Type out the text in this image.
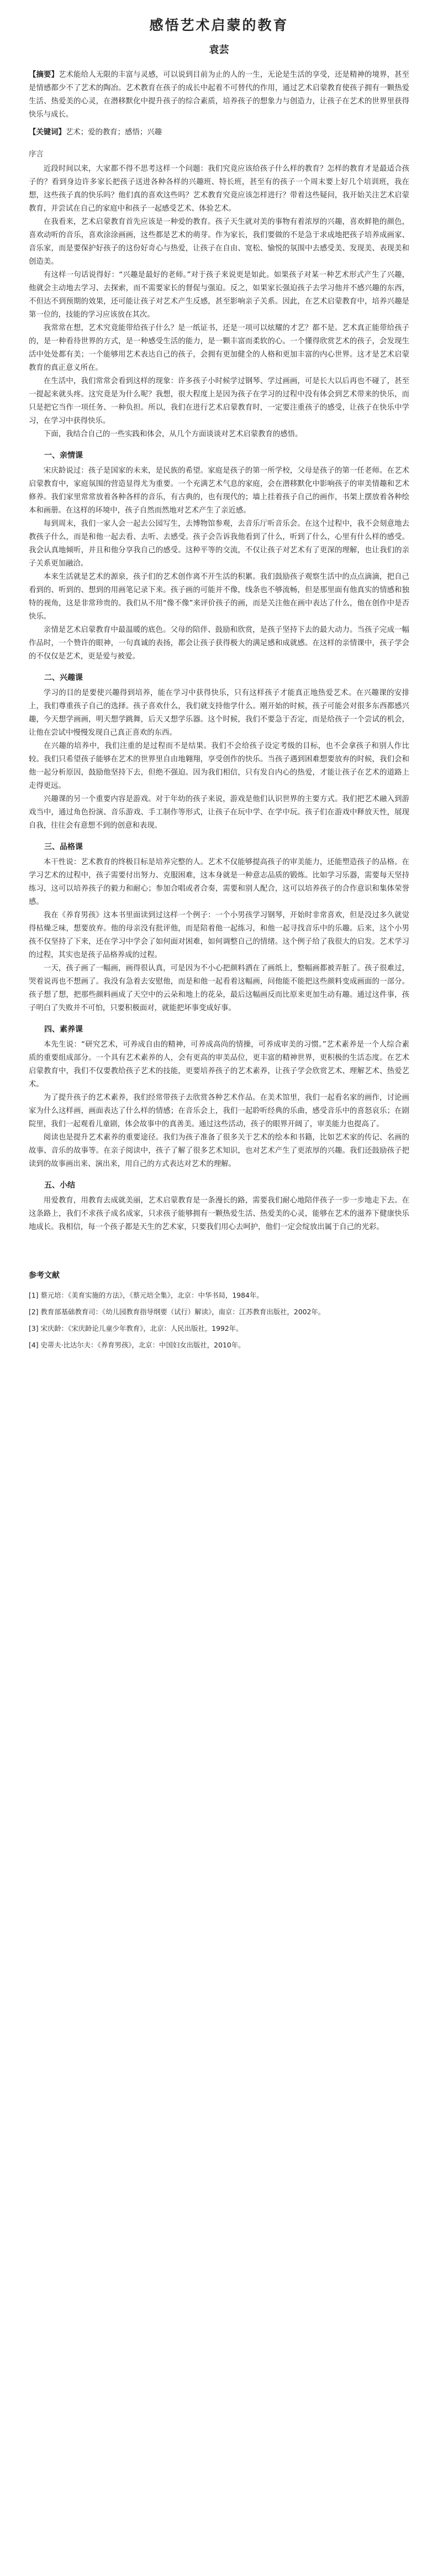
感悟艺术启蒙的教育
袁芸

【摘要】艺术能给人无限的丰富与灵感，可以说到目前为止的人的一生，无论是生活的享受，还是精神的境界，甚至是情感都少不了艺术的陶冶。艺术教育在孩子的成长中起着不可替代的作用，通过艺术启蒙教育使孩子拥有一颗热爱生活、热爱美的心灵，在潜移默化中提升孩子的综合素质，培养孩子的想象力与创造力，让孩子在艺术的世界里获得快乐与成长。

【关键词】艺术；爱的教育；感悟；兴趣

序言

近段时间以来，大家都不得不思考这样一个问题：我们究竟应该给孩子什么样的教育？怎样的教育才是最适合孩子的？看到身边许多家长把孩子送进各种各样的兴趣班、特长班，甚至有的孩子一个周末要上好几个培训班，我在想，这些孩子真的快乐吗？他们真的喜欢这些吗？艺术教育究竟应该怎样进行？带着这些疑问，我开始关注艺术启蒙教育，并尝试在自己的家庭中和孩子一起感受艺术、体验艺术。

在我看来，艺术启蒙教育首先应该是一种爱的教育。孩子天生就对美的事物有着浓厚的兴趣，喜欢鲜艳的颜色，喜欢动听的音乐，喜欢涂涂画画，这些都是艺术的萌芽。作为家长，我们要做的不是急于求成地把孩子培养成画家、音乐家，而是要保护好孩子的这份好奇心与热爱，让孩子在自由、宽松、愉悦的氛围中去感受美、发现美、表现美和创造美。

有这样一句话说得好：“兴趣是最好的老师。”对于孩子来说更是如此。如果孩子对某一种艺术形式产生了兴趣，他就会主动地去学习、去探索，而不需要家长的督促与强迫。反之，如果家长强迫孩子去学习他并不感兴趣的东西，不但达不到预期的效果，还可能让孩子对艺术产生反感，甚至影响亲子关系。因此，在艺术启蒙教育中，培养兴趣是第一位的，技能的学习应该放在其次。

我常常在想，艺术究竟能带给孩子什么？是一纸证书，还是一项可以炫耀的才艺？都不是。艺术真正能带给孩子的，是一种看待世界的方式，是一种感受生活的能力，是一颗丰富而柔软的心。一个懂得欣赏艺术的孩子，会发现生活中处处都有美；一个能够用艺术表达自己的孩子，会拥有更加健全的人格和更加丰富的内心世界。这才是艺术启蒙教育的真正意义所在。

在生活中，我们常常会看到这样的现象：许多孩子小时候学过钢琴、学过画画，可是长大以后再也不碰了，甚至一提起来就头疼。这究竟是为什么呢？我想，很大程度上是因为孩子在学习的过程中没有体会到艺术带来的快乐，而只是把它当作一项任务、一种负担。所以，我们在进行艺术启蒙教育时，一定要注重孩子的感受，让孩子在快乐中学习，在学习中获得快乐。

下面，我结合自己的一些实践和体会，从几个方面谈谈对艺术启蒙教育的感悟。

一、亲情课

宋庆龄说过：孩子是国家的未来，是民族的希望。家庭是孩子的第一所学校，父母是孩子的第一任老师。在艺术启蒙教育中，家庭氛围的营造显得尤为重要。一个充满艺术气息的家庭，会在潜移默化中影响孩子的审美情趣和艺术修养。我们家里常常放着各种各样的音乐，有古典的，也有现代的；墙上挂着孩子自己的画作，书架上摆放着各种绘本和画册。在这样的环境中，孩子自然而然地对艺术产生了亲近感。

每到周末，我们一家人会一起去公园写生，去博物馆参观，去音乐厅听音乐会。在这个过程中，我不会刻意地去教孩子什么，而是和他一起去看、去听、去感受。孩子会告诉我他看到了什么，听到了什么，心里有什么样的感受。我会认真地倾听，并且和他分享我自己的感受。这种平等的交流，不仅让孩子对艺术有了更深的理解，也让我们的亲子关系更加融洽。

本来生活就是艺术的源泉，孩子们的艺术创作离不开生活的积累。我们鼓励孩子观察生活中的点点滴滴，把自己看到的、听到的、想到的用画笔记录下来。孩子画的可能并不像，线条也不够流畅，但是那里面有他真实的情感和独特的视角，这是非常珍贵的。我们从不用“像不像”来评价孩子的画，而是关注他在画中表达了什么，他在创作中是否快乐。

亲情是艺术启蒙教育中最温暖的底色。父母的陪伴、鼓励和欣赏，是孩子坚持下去的最大动力。当孩子完成一幅作品时，一个赞许的眼神，一句真诚的表扬，都会让孩子获得极大的满足感和成就感。在这样的亲情课中，孩子学会的不仅仅是艺术，更是爱与被爱。

二、兴趣课

学习的目的是要使兴趣得到培养，能在学习中获得快乐，只有这样孩子才能真正地热爱艺术。在兴趣课的安排上，我们尊重孩子自己的选择。孩子喜欢什么，我们就支持他学什么。刚开始的时候，孩子可能会对很多东西都感兴趣，今天想学画画，明天想学跳舞，后天又想学乐器。这个时候，我们不要急于否定，而是给孩子一个尝试的机会，让他在尝试中慢慢发现自己真正喜欢的东西。

在兴趣的培养中，我们注重的是过程而不是结果。我们不会给孩子设定考级的目标，也不会拿孩子和别人作比较。我们只希望孩子能够在艺术的世界里自由地翱翔，享受创作的快乐。当孩子遇到困难想要放弃的时候，我们会和他一起分析原因，鼓励他坚持下去，但绝不强迫。因为我们相信，只有发自内心的热爱，才能让孩子在艺术的道路上走得更远。

兴趣课的另一个重要内容是游戏。对于年幼的孩子来说，游戏是他们认识世界的主要方式。我们把艺术融入到游戏当中，通过角色扮演、音乐游戏、手工制作等形式，让孩子在玩中学、在学中玩。孩子们在游戏中释放天性，展现自我，往往会有意想不到的创意和表现。

三、品格课

本干性说：艺术教育的终极目标是培养完整的人。艺术不仅能够提高孩子的审美能力，还能塑造孩子的品格。在学习艺术的过程中，孩子需要付出努力、克服困难，这本身就是一种意志品质的锻炼。比如学习乐器，需要每天坚持练习，这可以培养孩子的毅力和耐心；参加合唱或者合奏，需要和别人配合，这可以培养孩子的合作意识和集体荣誉感。

我在《养育男孩》这本书里面读到过这样一个例子：一个小男孩学习钢琴，开始时非常喜欢，但是没过多久就觉得枯燥乏味，想要放弃。他的母亲没有批评他，而是陪着他一起练习，和他一起寻找音乐中的乐趣。后来，这个小男孩不仅坚持了下来，还在学习中学会了如何面对困难，如何调整自己的情绪。这个例子给了我很大的启发。艺术学习的过程，其实也是孩子品格养成的过程。

一天，孩子画了一幅画，画得很认真，可是因为不小心把颜料洒在了画纸上，整幅画都被弄脏了。孩子很难过，哭着说再也不想画了。我没有急着去安慰他，而是和他一起看着这幅画，问他能不能把这些颜料变成画面的一部分。孩子想了想，把那些颜料画成了天空中的云朵和地上的花朵，最后这幅画反而比原来更加生动有趣。通过这件事，孩子明白了失败并不可怕，只要积极面对，就能把坏事变成好事。

四、素养课

本先生说：“研究艺术，可养成自由的精神，可养成高尚的情操，可养成审美的习惯。”艺术素养是一个人综合素质的重要组成部分。一个具有艺术素养的人，会有更高的审美品位，更丰富的精神世界，更积极的生活态度。在艺术启蒙教育中，我们不仅要教给孩子艺术的技能，更要培养孩子的艺术素养，让孩子学会欣赏艺术、理解艺术、热爱艺术。

为了提升孩子的艺术素养，我们经常带孩子去欣赏各种艺术作品。在美术馆里，我们一起看名家的画作，讨论画家为什么这样画，画面表达了什么样的情感；在音乐会上，我们一起聆听经典的乐曲，感受音乐中的喜怒哀乐；在剧院里，我们一起观看儿童剧，体会故事中的真善美。通过这些活动，孩子的眼界开阔了，审美能力也提高了。

阅读也是提升艺术素养的重要途径。我们为孩子准备了很多关于艺术的绘本和书籍，比如艺术家的传记、名画的故事、音乐的故事等。在亲子阅读中，孩子了解了很多艺术知识，也对艺术产生了更浓厚的兴趣。我们还鼓励孩子把读到的故事画出来、演出来，用自己的方式表达对艺术的理解。

五、小结

用爱教育，用教育去成就美丽，艺术启蒙教育是一条漫长的路，需要我们耐心地陪伴孩子一步一步地走下去。在这条路上，我们不求孩子成名成家，只求孩子能够拥有一颗热爱生活、热爱美的心灵，能够在艺术的滋养下健康快乐地成长。我相信，每一个孩子都是天生的艺术家，只要我们用心去呵护，他们一定会绽放出属于自己的光彩。

参考文献
[1] 蔡元培：《美育实施的方法》，《蔡元培全集》，北京：中华书局，1984年。
[2] 教育部基础教育司：《幼儿园教育指导纲要（试行）解读》，南京：江苏教育出版社，2002年。
[3] 宋庆龄：《宋庆龄论儿童少年教育》，北京：人民出版社，1992年。
[4] 史蒂夫·比达尔夫：《养育男孩》，北京：中国妇女出版社，2010年。
